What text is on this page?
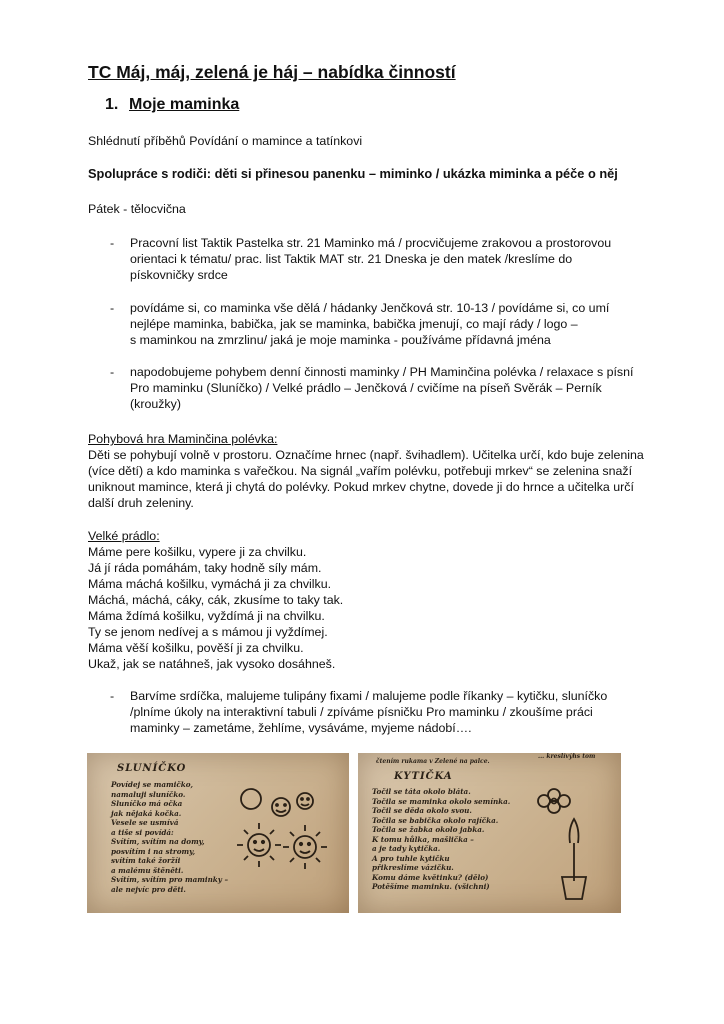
TC Máj, máj, zelená je háj – nabídka činností
1. Moje maminka

Shlédnutí příběhů Povídání o mamince a tatínkovi

Spolupráce s rodiči: děti si přinesou panenku – miminko / ukázka miminka a péče o něj

Pátek - tělocvična

-	Pracovní list Taktik Pastelka str. 21 Maminko má / procvičujeme zrakovou a prostorovou
orientaci k tématu/ prac. list Taktik MAT str. 21 Dneska je den matek /kreslíme do
pískovničky srdce
-	povídáme si, co maminka vše dělá / hádanky Jenčková str. 10-13 / povídáme si, co umí
nejlépe maminka, babička, jak se maminka, babička jmenují, co mají rády / logo –
s maminkou na zmrzlinu/ jaká je moje maminka - používáme přídavná jména
-	napodobujeme pohybem denní činnosti maminky / PH Maminčina polévka / relaxace s písní
Pro maminku (Sluníčko) / Velké prádlo – Jenčková / cvičíme na píseň Svěrák – Perník
(kroužky)
Pohybová hra Maminčina polévka:
Děti se pohybují volně v prostoru. Označíme hrnec (např. švihadlem). Učitelka určí, kdo buje zelenina
(více dětí) a kdo maminka s vařečkou. Na signál „vařím polévku, potřebuji mrkev“ se zelenina snaží
uniknout mamince, která ji chytá do polévky. Pokud mrkev chytne, dovede ji do hrnce a učitelka určí
další druh zeleniny.
Velké prádlo:
Máme pere košilku, vypere ji za chvilku.
Já jí ráda pomáhám, taky hodně síly mám.
Máma máchá košilku, vymáchá ji za chvilku.
Máchá, máchá, cáky, cák, zkusíme to taky tak.
Máma ždímá košilku, vyždímá ji na chvilku.
Ty se jenom nedívej a s mámou ji vyždímej.
Máma věší košilku, pověší ji za chvilku.
Ukaž, jak se natáhneš, jak vysoko dosáhneš.
-	Barvíme srdíčka, malujeme tulipány fixami / malujeme podle říkanky – kytičku, sluníčko
/plníme úkoly na interaktivní tabuli / zpíváme písničku Pro maminku / zkoušíme práci
maminky – zametáme, žehlíme, vysáváme, myjeme nádobí….
SLUNÍČKO
Povídej se mamičko,
namaluji sluníčko.
Sluníčko má očka
jak nějaká kočka.
Vesele se usmívá
a tiše si povídá:
Svítím, svítím na domy,
posvítím i na stromy,
svítím také žoržíi
a malému štěněti.
Svítím, svítím pro maminky –
ale nejvíc pro děti.
čtením rukama v Zelené na palce.
... kreslívýhs tom
KYTIČKA
Točil se táta okolo bláta.
Točila se maminka okolo semínka.
Točil se děda okolo svou.
Točila se babička okolo rajíčka.
Točila se žabka okolo jabka.
K tomu hůlka, mašlička –
a je tady kytička.
A pro tuhle kytičku
přikreslíme vázičku.
Komu dáme květinku? (dělo)
Potěšíme maminku. (všichni)
